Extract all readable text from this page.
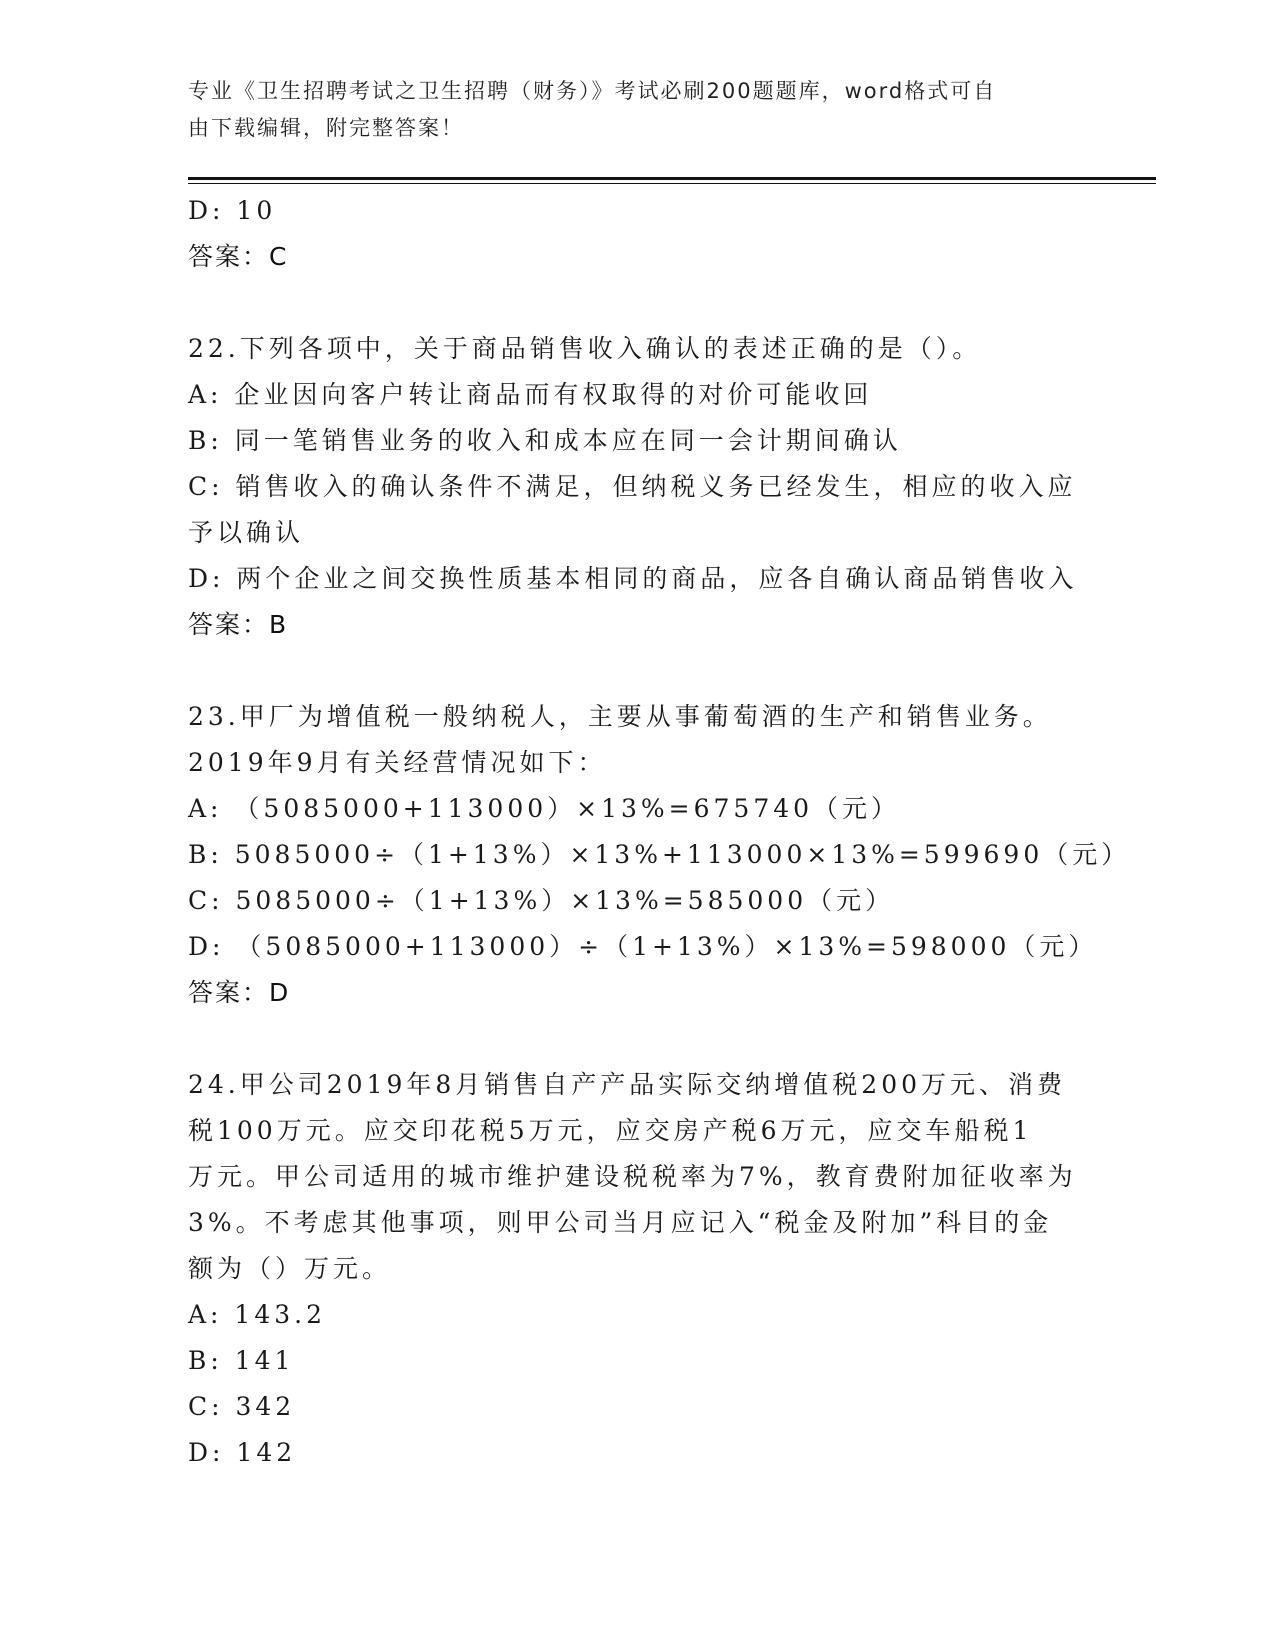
专业《卫生招聘考试之卫生招聘（财务）》考试必刷200题题库，word格式可自
由下载编辑，附完整答案！
D: 10
答案：C
22.下列各项中，关于商品销售收入确认的表述正确的是（）。
A: 企业因向客户转让商品而有权取得的对价可能收回
B: 同一笔销售业务的收入和成本应在同一会计期间确认
C: 销售收入的确认条件不满足，但纳税义务已经发生，相应的收入应
予以确认
D: 两个企业之间交换性质基本相同的商品，应各自确认商品销售收入
答案：B
23.甲厂为增值税一般纳税人，主要从事葡萄酒的生产和销售业务。
2019年9月有关经营情况如下：
A: （5085000+113000）×13%=675740（元）
B: 5085000÷（1+13%）×13%+113000×13%=599690（元）
C: 5085000÷（1+13%）×13%=585000（元）
D: （5085000+113000）÷（1+13%）×13%=598000（元）
答案：D
24.甲公司2019年8月销售自产产品实际交纳增值税200万元、消费
税100万元。应交印花税5万元，应交房产税6万元，应交车船税1
万元。甲公司适用的城市维护建设税税率为7%，教育费附加征收率为
3%。不考虑其他事项，则甲公司当月应记入“税金及附加”科目的金
额为（）万元。
A: 143.2
B: 141
C: 342
D: 142
